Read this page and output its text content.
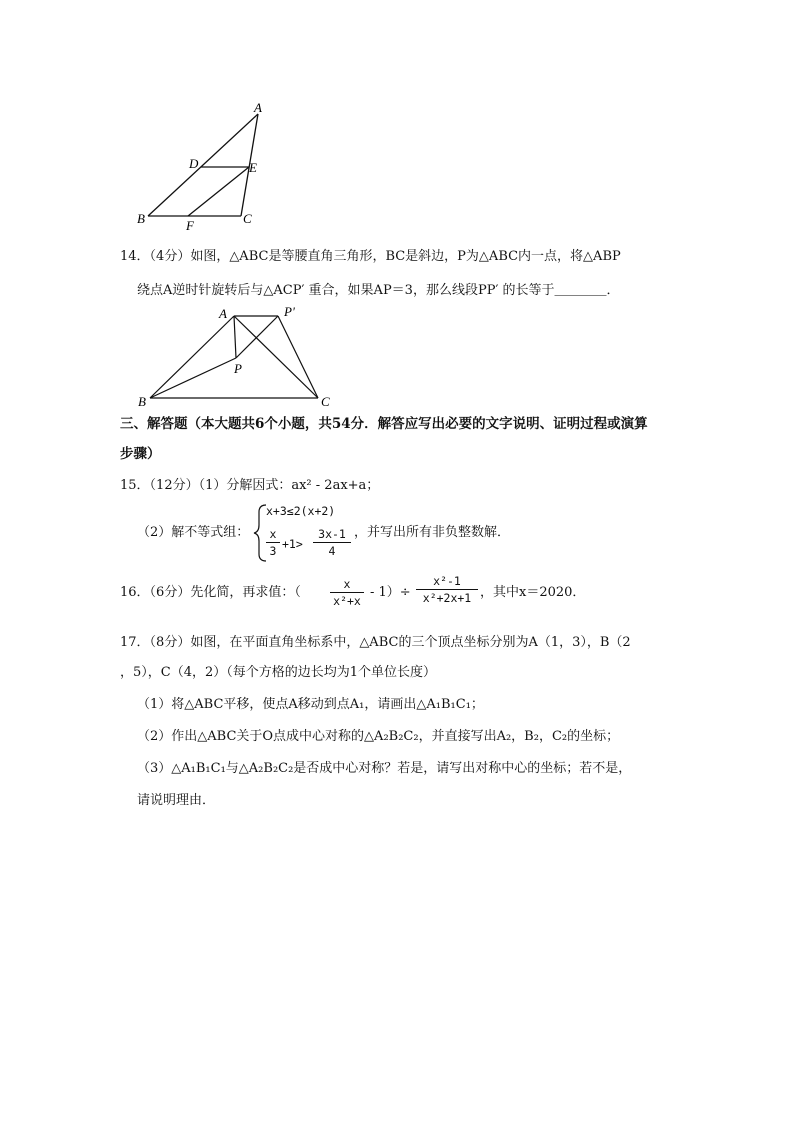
A
D	E
B	F	C
14．（4分）如图，△ABC是等腰直角三角形，BC是斜边，P为△ABC内一点，将△ABP
绕点A逆时针旋转后与△ACP′ 重合，如果AP＝3，那么线段PP′ 的长等于＿＿＿＿．
A	P'
P
B	C
三、解答题（本大题共6个小题，共54分．解答应写出必要的文字说明、证明过程或演算
步骤）
15．（12分）（1）分解因式：ax² - 2ax+a；
（2）解不等式组：
x+3≤2(x+2)
x
3 +1>
3x-1
4
，并写出所有非负整数解．
16．（6分）先化简，再求值：（
x
x²+x
- 1）÷
x²-1
x²+2x+1 ，其中x＝2020．
17．（8分）如图，在平面直角坐标系中，△ABC的三个顶点坐标分别为A（1，3），B（2
，5），C（4，2）（每个方格的边长均为1个单位长度）
（1）将△ABC平移，使点A移动到点A₁，请画出△A₁B₁C₁；
（2）作出△ABC关于O点成中心对称的△A₂B₂C₂，并直接写出A₂，B₂，C₂的坐标；
（3）△A₁B₁C₁与△A₂B₂C₂是否成中心对称？若是，请写出对称中心的坐标；若不是，
请说明理由．
